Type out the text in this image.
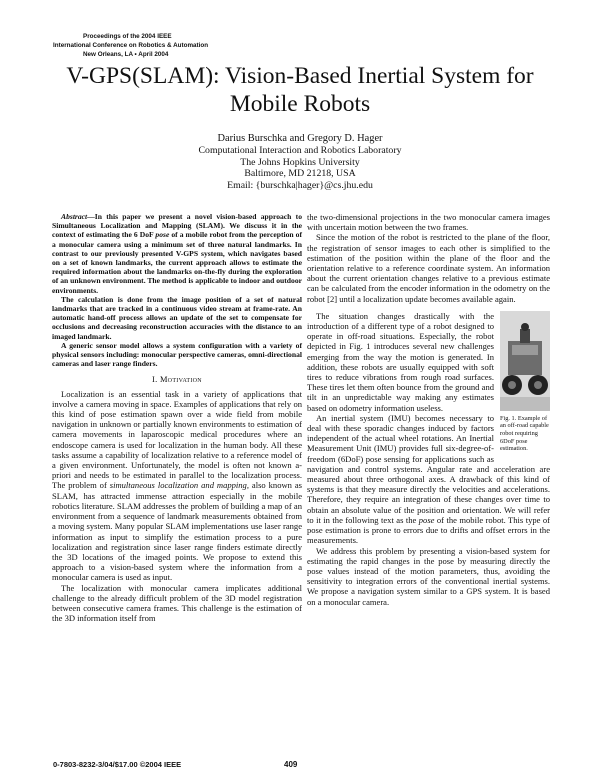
Proceedings of the 2004 IEEE
International Conference on Robotics & Automation
New Orleans, LA • April 2004
V-GPS(SLAM): Vision-Based Inertial System for Mobile Robots
Darius Burschka and Gregory D. Hager
Computational Interaction and Robotics Laboratory
The Johns Hopkins University
Baltimore, MD 21218, USA
Email: {burschka|hager}@cs.jhu.edu

Abstract—In this paper we present a novel vision-based approach to Simultaneous Localization and Mapping (SLAM). We discuss it in the context of estimating the 6 DoF pose of a mobile robot from the perception of a monocular camera using a minimum set of three natural landmarks. In contrast to our previously presented V-GPS system, which navigates based on a set of known landmarks, the current approach allows to estimate the required information about the landmarks on-the-fly during the exploration of an unknown environment. The method is applicable to indoor and outdoor environments.

The calculation is done from the image position of a set of natural landmarks that are tracked in a continuous video stream at frame-rate. An automatic hand-off process allows an update of the set to compensate for occlusions and decreasing reconstruction accuracies with the distance to an imaged landmark.

A generic sensor model allows a system configuration with a variety of physical sensors including: monocular perspective cameras, omni-directional cameras and laser range finders.

I. Motivation

Localization is an essential task in a variety of applications that involve a camera moving in space. Examples of applications that rely on this kind of pose estimation spawn over a wide field from mobile navigation in unknown or partially known environments to estimation of camera movements in laparoscopic medical procedures where an endoscope camera is used for localization in the human body. All these tasks assume a capability of localization relative to a reference model of a given environment. Unfortunately, the model is often not known a-priori and needs to be estimated in parallel to the localization process. The problem of simultaneous localization and mapping, also known as SLAM, has attracted immense attraction especially in the mobile robotics literature. SLAM addresses the problem of building a map of an environment from a sequence of landmark measurements obtained from a moving system. Many popular SLAM implementations use laser range information as input to simplify the estimation process to a pure localization and registration since laser range finders estimate directly the 3D locations of the imaged points. We propose to extend this approach to a vision-based system where the information from a monocular camera is used as input.

The localization with monocular camera implicates additional challenge to the already difficult problem of the 3D model registration between consecutive camera frames. This challenge is the estimation of the 3D information itself from

the two-dimensional projections in the two monocular camera images with uncertain motion between the two frames.

Since the motion of the robot is restricted to the plane of the floor, the registration of sensor images to each other is simplified to the estimation of the position within the plane of the floor and the orientation relative to a reference coordinate system. An information about the current orientation changes relative to a previous estimate can be calculated from the encoder information in the odometry on the robot [2] until a localization update becomes available again.

Fig. 1. Example of an off-road capable robot requiring 6DoF pose estimation.

The situation changes drastically with the introduction of a different type of a robot designed to operate in off-road situations. Especially, the robot depicted in Fig. 1 introduces several new challenges emerging from the way the motion is generated. In addition, these robots are usually equipped with soft tires to reduce vibrations from rough road surfaces. These tires let them often bounce from the ground and tilt in an unpredictable way making any estimates based on odometry information useless.

An inertial system (IMU) becomes necessary to deal with these sporadic changes induced by factors independent of the actual wheel rotations. An Inertial Measurement Unit (IMU) provides full six-degree-of-freedom (6DoF) pose sensing for applications such as navigation and control systems. Angular rate and acceleration are measured about three orthogonal axes. A drawback of this kind of systems is that they measure directly the velocities and accelerations. Therefore, they require an integration of these changes over time to obtain an absolute value of the position and orientation. We will refer to it in the following text as the pose of the mobile robot. This type of pose estimation is prone to errors due to drifts and offset errors in the measurements.

We address this problem by presenting a vision-based system for estimating the rapid changes in the pose by measuring directly the pose values instead of the motion parameters, thus, avoiding the sensitivity to integration errors of the conventional inertial systems. We propose a navigation system similar to a GPS system. It is based on a monocular camera.

0-7803-8232-3/04/$17.00 ©2004 IEEE	409
